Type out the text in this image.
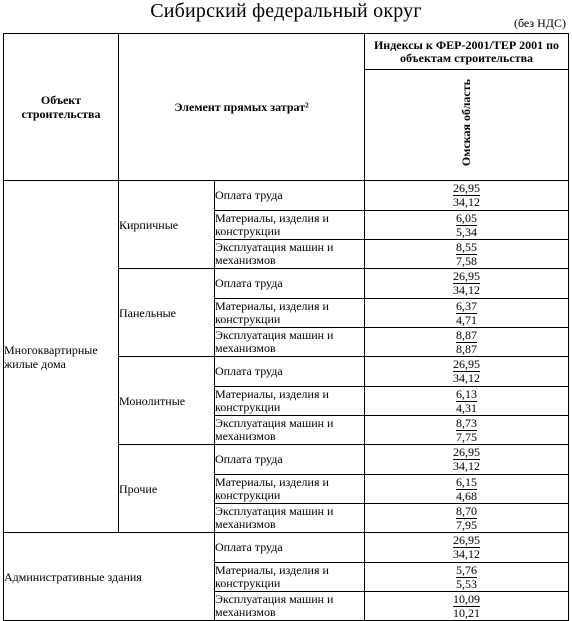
Сибирский федеральный округ
(без НДС)
Объект строительства	Элемент прямых затрат²		Индексы к ФЕР-2001/ТЕР 2001 по объектам строительства
			Омская область
Многоквартирные жилые дома	Кирпичные	Оплата труда	26,95

34,12

		Материалы, изделия и конструкции	6,05

5,34

		Эксплуатация машин и механизмов	8,55

7,58

	Панельные	Оплата труда	26,95

34,12

		Материалы, изделия и конструкции	6,37

4,71

		Эксплуатация машин и механизмов	8,87

8,87

	Монолитные	Оплата труда	26,95

34,12

		Материалы, изделия и конструкции	6,13

4,31

		Эксплуатация машин и механизмов	8,73

7,75

	Прочие	Оплата труда	26,95

34,12

		Материалы, изделия и конструкции	6,15

4,68

		Эксплуатация машин и механизмов	8,70

7,95

Административные здания		Оплата труда	26,95

34,12

		Материалы, изделия и конструкции	5,76

5,53

		Эксплуатация машин и механизмов	10,09

10,21
